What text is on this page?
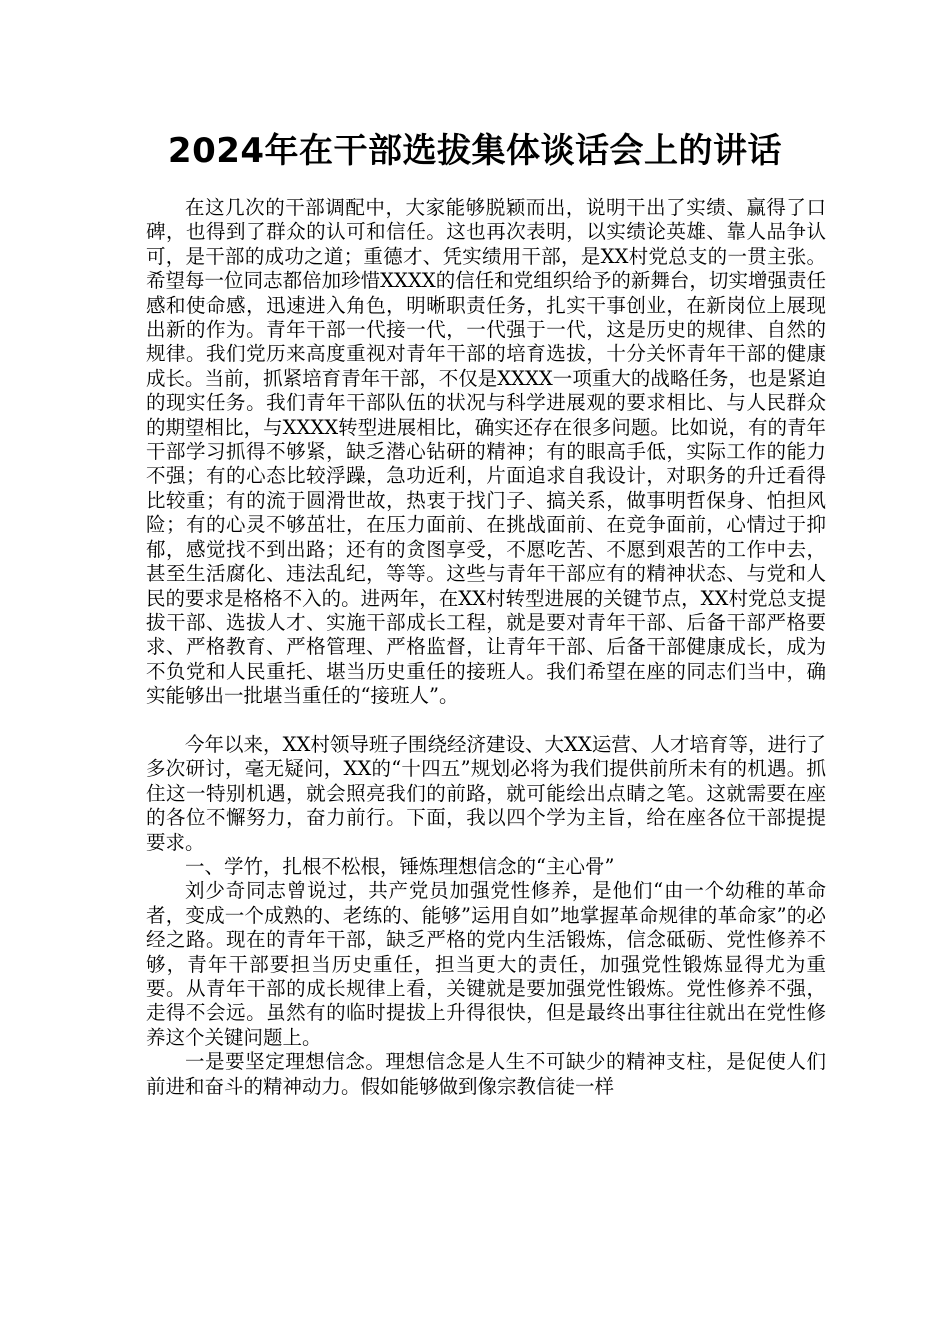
2024年在干部选拔集体谈话会上的讲话

在这几次的干部调配中，大家能够脱颖而出，说明干出了实绩、赢得了口碑，也得到了群众的认可和信任。这也再次表明，以实绩论英雄、靠人品争认可，是干部的成功之道；重德才、凭实绩用干部，是XX村党总支的一贯主张。希望每一位同志都倍加珍惜XXXX的信任和党组织给予的新舞台，切实增强责任感和使命感，迅速进入角色，明晰职责任务，扎实干事创业，在新岗位上展现出新的作为。青年干部一代接一代，一代强于一代，这是历史的规律、自然的规律。我们党历来高度重视对青年干部的培育选拔，十分关怀青年干部的健康成长。当前，抓紧培育青年干部，不仅是XXXX一项重大的战略任务，也是紧迫的现实任务。我们青年干部队伍的状况与科学进展观的要求相比、与人民群众的期望相比，与XXXX转型进展相比，确实还存在很多问题。比如说，有的青年干部学习抓得不够紧，缺乏潜心钻研的精神；有的眼高手低，实际工作的能力不强；有的心态比较浮躁，急功近利，片面追求自我设计，对职务的升迁看得比较重；有的流于圆滑世故，热衷于找门子、搞关系，做事明哲保身、怕担风险；有的心灵不够茁壮，在压力面前、在挑战面前、在竞争面前，心情过于抑郁，感觉找不到出路；还有的贪图享受，不愿吃苦、不愿到艰苦的工作中去，甚至生活腐化、违法乱纪，等等。这些与青年干部应有的精神状态、与党和人民的要求是格格不入的。进两年，在XX村转型进展的关键节点，XX村党总支提拔干部、选拔人才、实施干部成长工程，就是要对青年干部、后备干部严格要求、严格教育、严格管理、严格监督，让青年干部、后备干部健康成长，成为不负党和人民重托、堪当历史重任的接班人。我们希望在座的同志们当中，确实能够出一批堪当重任的“接班人”。

今年以来，XX村领导班子围绕经济建设、大XX运营、人才培育等，进行了多次研讨，毫无疑问，XX的“十四五”规划必将为我们提供前所未有的机遇。抓住这一特别机遇，就会照亮我们的前路，就可能绘出点睛之笔。这就需要在座的各位不懈努力，奋力前行。下面，我以四个学为主旨，给在座各位干部提提要求。

一、学竹，扎根不松根，锤炼理想信念的“主心骨”

刘少奇同志曾说过，共产党员加强党性修养，是他们“由一个幼稚的革命者，变成一个成熟的、老练的、能够”运用自如”地掌握革命规律的革命家”的必经之路。现在的青年干部，缺乏严格的党内生活锻炼，信念砥砺、党性修养不够，青年干部要担当历史重任，担当更大的责任，加强党性锻炼显得尤为重要。从青年干部的成长规律上看，关键就是要加强党性锻炼。党性修养不强，走得不会远。虽然有的临时提拔上升得很快，但是最终出事往往就出在党性修养这个关键问题上。

一是要坚定理想信念。理想信念是人生不可缺少的精神支柱，是促使人们前进和奋斗的精神动力。假如能够做到像宗教信徒一样
